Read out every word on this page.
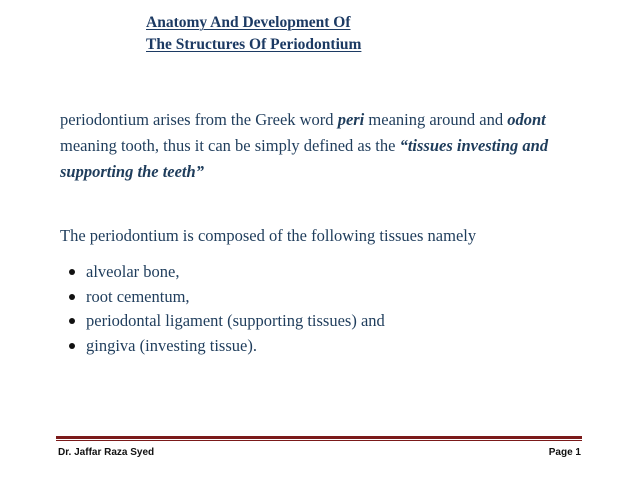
Anatomy And Development Of
The Structures Of Periodontium

periodontium arises from the Greek word peri meaning around and odont meaning tooth, thus it can be simply defined as the “tissues investing and supporting the teeth”

The periodontium is composed of the following tissues namely
alveolar bone,
root cementum,
periodontal ligament (supporting tissues) and
gingiva (investing tissue).
Dr. Jaffar Raza Syed	Page 1
